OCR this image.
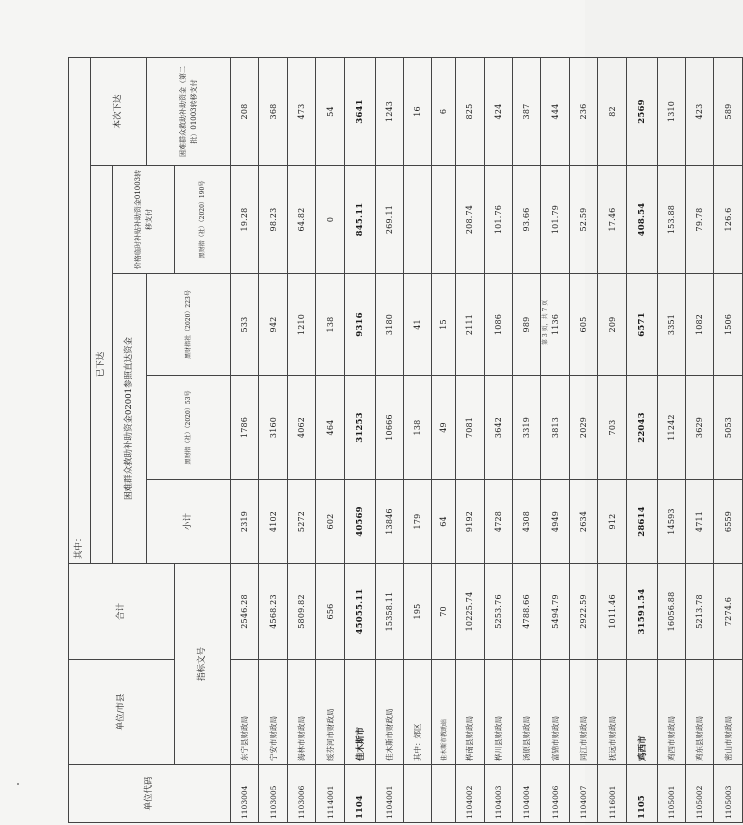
单位代码	单位/市县	合计	其中：					
			已下达				本次下达	
			困难群众救助补助资金02001参照直达资金			价格临时补贴补助资金01003转移支付		
			小计	黑财指（社）（2020）53号	黑财指社（2020）223号		困难群众救助补助资金（第二批）01003转移支付	
	指标文号					黑财指（社）（2020）190号	
1103004	东宁县财政局	2546.28	2319	1786	533	19.28	208	
1103005	宁安市财政局	4568.23	4102	3160	942	98.23	368	
1103006	海林市财政局	5809.82	5272	4062	1210	64.82	473	
1114001	绥芬河市财政局	656	602	464	138	0	54	
1104	佳木斯市	45055.11	40569	31253	9316	845.11	3641	
1104001	佳木斯市财政局	15358.11	13846	10666	3180	269.11	1243	
	其中：郊区	195	179	138	41		16	
	佳木斯市教助站	70	64	49	15		6	
1104002	桦南县财政局	10225.74	9192	7081	2111	208.74	825	
1104003	桦川县财政局	5253.76	4728	3642	1086	101.76	424	
1104004	汤原县财政局	4788.66	4308	3319	989	93.66	387	
1104006	富锦市财政局	5494.79	4949	3813	1136	101.79	444	
1104007	同江市财政局	2922.59	2634	2029	605	52.59	236	
1116001	抚远市财政局	1011.46	912	703	209	17.46	82	
1105	鸡西市	31591.54	28614	22043	6571	408.54	2569	
1105001	鸡西市财政局	16056.88	14593	11242	3351	153.88	1310	
1105002	鸡东县财政局	5213.78	4711	3629	1082	79.78	423	
1105003	密山市财政局	7274.6	6559	5053	1506	126.6	589	
第 3 页，共 7 页
